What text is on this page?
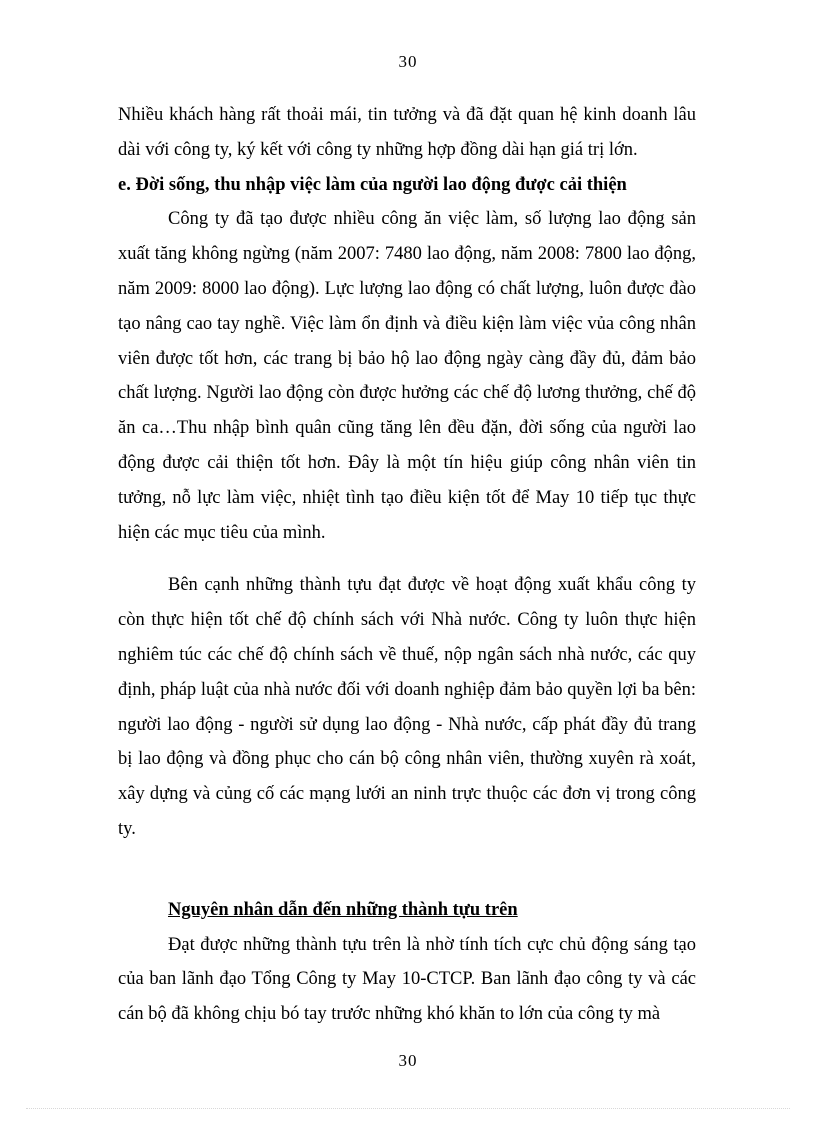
30

Nhiều khách hàng rất thoải mái, tin tưởng và đã đặt quan hệ kinh doanh lâu dài với công ty, ký kết với công ty những hợp đồng dài hạn giá trị lớn.

e. Đời sống, thu nhập việc làm của người lao động được cải thiện

Công ty đã tạo được nhiều công ăn việc làm, số lượng lao động sản xuất tăng không ngừng (năm 2007: 7480 lao động, năm 2008: 7800 lao động, năm 2009: 8000 lao động). Lực lượng lao động có chất lượng, luôn được đào tạo nâng cao tay nghề. Việc làm ổn định và điều kiện làm việc vủa công nhân viên được tốt hơn, các trang bị bảo hộ lao động ngày càng đầy đủ, đảm bảo chất lượng. Người lao động còn được hưởng các chế độ lương thưởng, chế độ ăn ca…Thu nhập bình quân cũng tăng lên đều đặn, đời sống của người lao động được cải thiện tốt hơn. Đây là một tín hiệu giúp công nhân viên tin tưởng, nỗ lực làm việc, nhiệt tình tạo điều kiện tốt để May 10 tiếp tục thực hiện các mục tiêu của mình.

Bên cạnh những thành tựu đạt được về hoạt động xuất khẩu công ty còn thực hiện tốt chế độ chính sách với Nhà nước. Công ty luôn thực hiện nghiêm túc các chế độ chính sách về thuế, nộp ngân sách nhà nước, các quy định, pháp luật của nhà nước đối với doanh nghiệp đảm bảo quyền lợi ba bên: người lao động - người sử dụng lao động - Nhà nước, cấp phát đầy đủ trang bị lao động và đồng phục cho cán bộ công nhân viên, thường xuyên rà xoát, xây dựng và củng cố các mạng lưới an ninh trực thuộc các đơn vị trong công ty.

Nguyên nhân dẫn đến những thành tựu trên

Đạt được những thành tựu trên là nhờ tính tích cực chủ động sáng tạo của ban lãnh đạo Tổng Công ty May 10-CTCP. Ban lãnh đạo công ty và các cán bộ đã không chịu bó tay trước những khó khăn to lớn của công ty mà

30
